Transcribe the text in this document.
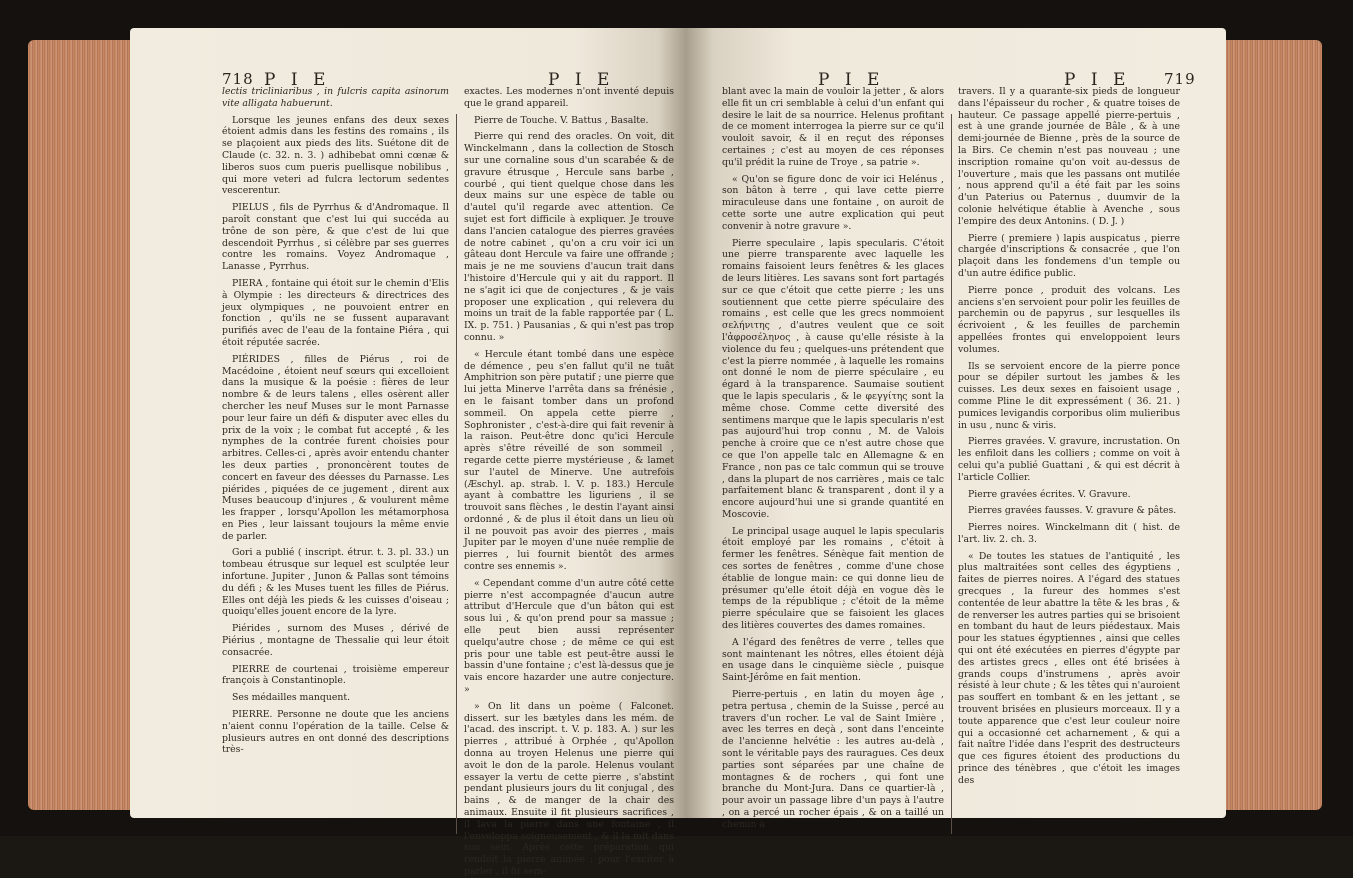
718 P I E	P I E

lectis tricliniaribus , in fulcris capita asinorum vite alligata habuerunt.

Lorsque les jeunes enfans des deux sexes étoient admis dans les festins des romains , ils se plaçoient aux pieds des lits. Suétone dit de Claude (c. 32. n. 3. ) adhibebat omni cœnæ & liberos suos cum pueris puellisque nobilibus , qui more veteri ad fulcra lectorum sedentes vescerentur.

PIELUS , fils de Pyrrhus & d'Andromaque. Il paroît constant que c'est lui qui succéda au trône de son père, & que c'est de lui que descendoit Pyrrhus , si célèbre par ses guerres contre les romains. Voyez Andromaque , Lanasse , Pyrrhus.

PIERA , fontaine qui étoit sur le chemin d'Elis à Olympie : les directeurs & directrices des jeux olympiques , ne pouvoient entrer en fonction , qu'ils ne se fussent auparavant purifiés avec de l'eau de la fontaine Piéra , qui étoit réputée sacrée.

PIÉRIDES , filles de Piérus , roi de Macédoine , étoient neuf sœurs qui excelloient dans la musique & la poésie : fières de leur nombre & de leurs talens , elles osèrent aller chercher les neuf Muses sur le mont Parnasse pour leur faire un défi & disputer avec elles du prix de la voix ; le combat fut accepté , & les nymphes de la contrée furent choisies pour arbitres. Celles-ci , après avoir entendu chanter les deux parties , prononcèrent toutes de concert en faveur des déesses du Parnasse. Les piérides , piquées de ce jugement , dirent aux Muses beaucoup d'injures , & voulurent même les frapper , lorsqu'Apollon les métamorphosa en Pies , leur laissant toujours la même envie de parler.

Gori a publié ( inscript. étrur. t. 3. pl. 33.) un tombeau étrusque sur lequel est sculptée leur infortune. Jupiter , Junon & Pallas sont témoins du défi ; & les Muses tuent les filles de Piérus. Elles ont déjà les pieds & les cuisses d'oiseau ; quoiqu'elles jouent encore de la lyre.

Piérides , surnom des Muses , dérivé de Piérius , montagne de Thessalie qui leur étoit consacrée.

PIERRE de courtenai , troisième empereur françois à Constantinople.

Ses médailles manquent.

PIERRE. Personne ne doute que les anciens n'aient connu l'opération de la taille. Celse & plusieurs autres en ont donné des descriptions très-

exactes. Les modernes n'ont inventé depuis que le grand appareil.

Pierre de Touche. V. Battus , Basalte.

Pierre qui rend des oracles. On voit, dit Winckelmann , dans la collection de Stosch sur une cornaline sous d'un scarabée & de gravure étrusque , Hercule sans barbe , courbé , qui tient quelque chose dans les deux mains sur une espèce de table ou d'autel qu'il regarde avec attention. Ce sujet est fort difficile à expliquer. Je trouve dans l'ancien catalogue des pierres gravées de notre cabinet , qu'on a cru voir ici un gâteau dont Hercule va faire une offrande ; mais je ne me souviens d'aucun trait dans l'histoire d'Hercule qui y ait du rapport. Il ne s'agit ici que de conjectures , & je vais proposer une explication , qui relevera du moins un trait de la fable rapportée par ( L. IX. p. 751. ) Pausanias , & qui n'est pas trop connu. »

« Hercule étant tombé dans une espèce de démence , peu s'en fallut qu'il ne tuât Amphitrion son père putatif ; une pierre que lui jetta Minerve l'arrêta dans sa frénésie , en le faisant tomber dans un profond sommeil. On appela cette pierre , Sophronister , c'est-à-dire qui fait revenir à la raison. Peut-être donc qu'ici Hercule après s'être réveillé de son sommeil , regarde cette pierre mystérieuse , & lamet sur l'autel de Minerve. Une autrefois (Æschyl. ap. strab. l. V. p. 183.) Hercule ayant à combattre les liguriens , il se trouvoit sans flèches , le destin l'ayant ainsi ordonné , & de plus il étoit dans un lieu où il ne pouvoit pas avoir des pierres , mais Jupiter par le moyen d'une nuée remplie de pierres , lui fournit bientôt des armes contre ses ennemis ».

« Cependant comme d'un autre côté cette pierre n'est accompagnée d'aucun autre attribut d'Hercule que d'un bâton qui est sous lui , & qu'on prend pour sa massue ; elle peut bien aussi représenter quelqu'autre chose ; de même ce qui est pris pour une table est peut-être aussi le bassin d'une fontaine ; c'est là-dessus que je vais encore hazarder une autre conjecture. »

» On lit dans un poème ( Falconet. dissert. sur les bætyles dans les mém. de l'acad. des inscript. t. V. p. 183. A. ) sur les pierres , attribué à Orphée , qu'Apollon donna au troyen Helenus une pierre qui avoit le don de la parole. Helenus voulant essayer la vertu de cette pierre , s'abstint pendant plusieurs jours du lit conjugal , des bains , & de manger de la chair des animaux. Ensuite il fit plusieurs sacrifices , il lava la pierre dans une fontaine , il l'enveloppa soigneusement , & il la mit dans son sein. Après cette préparation qui rendoit la pierre animée ; pour l'exciter à parler , il fit sem-

P I E	P I E 719

blant avec la main de vouloir la jetter , & alors elle fit un cri semblable à celui d'un enfant qui desire le lait de sa nourrice. Helenus profitant de ce moment interrogea la pierre sur ce qu'il vouloit savoir, & il en reçut des réponses certaines ; c'est au moyen de ces réponses qu'il prédit la ruine de Troye , sa patrie ».

« Qu'on se figure donc de voir ici Helénus , son bâton à terre , qui lave cette pierre miraculeuse dans une fontaine , on auroit de cette sorte une autre explication qui peut convenir à notre gravure ».

Pierre speculaire , lapis specularis. C'étoit une pierre transparente avec laquelle les romains faisoient leurs fenêtres & les glaces de leurs litières. Les savans sont fort partagés sur ce que c'étoit que cette pierre ; les uns soutiennent que cette pierre spéculaire des romains , est celle que les grecs nommoient σελήνιτης , d'autres veulent que ce soit l'ἀφροσέληνος , à cause qu'elle résiste à la violence du feu ; quelques-uns prétendent que c'est la pierre nommée , à laquelle les romains ont donné le nom de pierre spéculaire , eu égard à la transparence. Saumaise soutient que le lapis specularis , & le φεγγίτης sont la même chose. Comme cette diversité des sentimens marque que le lapis specularis n'est pas aujourd'hui trop connu , M. de Valois penche à croire que ce n'est autre chose que ce que l'on appelle talc en Allemagne & en France , non pas ce talc commun qui se trouve , dans la plupart de nos carrières , mais ce talc parfaitement blanc & transparent , dont il y a encore aujourd'hui une si grande quantité en Moscovie.

Le principal usage auquel le lapis specularis étoit employé par les romains , c'étoit à fermer les fenêtres. Sénèque fait mention de ces sortes de fenêtres , comme d'une chose établie de longue main: ce qui donne lieu de présumer qu'elle étoit déjà en vogue dès le temps de la république ; c'étoit de la même pierre spéculaire que se faisoient les glaces des litières couvertes des dames romaines.

A l'égard des fenêtres de verre , telles que sont maintenant les nôtres, elles étoient déjà en usage dans le cinquième siècle , puisque Saint-Jérôme en fait mention.

Pierre-pertuis , en latin du moyen âge , petra pertusa , chemin de la Suisse , percé au travers d'un rocher. Le val de Saint Imière , avec les terres en deçà , sont dans l'enceinte de l'ancienne helvétie : les autres au-delà , sont le véritable pays des rauragues. Ces deux parties sont séparées par une chaîne de montagnes & de rochers , qui font une branche du Mont-Jura. Dans ce quartier-là , pour avoir un passage libre d'un pays à l'autre , on a percé un rocher épais , & on a taillé un chemin à

travers. Il y a quarante-six pieds de longueur dans l'épaisseur du rocher , & quatre toises de hauteur. Ce passage appellé pierre-pertuis , est à une grande journée de Bâle , & à une demi-journée de Bienne , près de la source de la Birs. Ce chemin n'est pas nouveau ; une inscription romaine qu'on voit au-dessus de l'ouverture , mais que les passans ont mutilée , nous apprend qu'il a été fait par les soins d'un Paterius ou Paternus , duumvir de la colonie helvétique établie à Avenche , sous l'empire des deux Antonins. ( D. J. )

Pierre ( premiere ) lapis auspicatus , pierre chargée d'inscriptions & consacrée , que l'on plaçoit dans les fondemens d'un temple ou d'un autre édifice public.

Pierre ponce , produit des volcans. Les anciens s'en servoient pour polir les feuilles de parchemin ou de papyrus , sur lesquelles ils écrivoient , & les feuilles de parchemin appellées frontes qui enveloppoient leurs volumes.

Ils se servoient encore de la pierre ponce pour se dépiler surtout les jambes & les cuisses. Les deux sexes en faisoient usage , comme Pline le dit expressément ( 36. 21. ) pumices levigandis corporibus olim mulieribus in usu , nunc & viris.

Pierres gravées. V. gravure, incrustation. On les enfiloit dans les colliers ; comme on voit à celui qu'a publié Guattani , & qui est décrit à l'article Collier.

Pierre gravées écrites. V. Gravure.

Pierres gravées fausses. V. gravure & pâtes.

Pierres noires. Winckelmann dit ( hist. de l'art. liv. 2. ch. 3.

« De toutes les statues de l'antiquité , les plus maltraitées sont celles des égyptiens , faites de pierres noires. A l'égard des statues grecques , la fureur des hommes s'est contentée de leur abattre la tête & les bras , & de renverser les autres parties qui se brisoient en tombant du haut de leurs piédestaux. Mais pour les statues égyptiennes , ainsi que celles qui ont été exécutées en pierres d'égypte par des artistes grecs , elles ont été brisées à grands coups d'instrumens , après avoir résisté à leur chute ; & les têtes qui n'auroient pas souffert en tombant & en les jettant , se trouvent brisées en plusieurs morceaux. Il y a toute apparence que c'est leur couleur noire qui a occasionné cet acharnement , & qui a fait naître l'idée dans l'esprit des destructeurs que ces figures étoient des productions du prince des ténèbres , que c'étoit les images des
